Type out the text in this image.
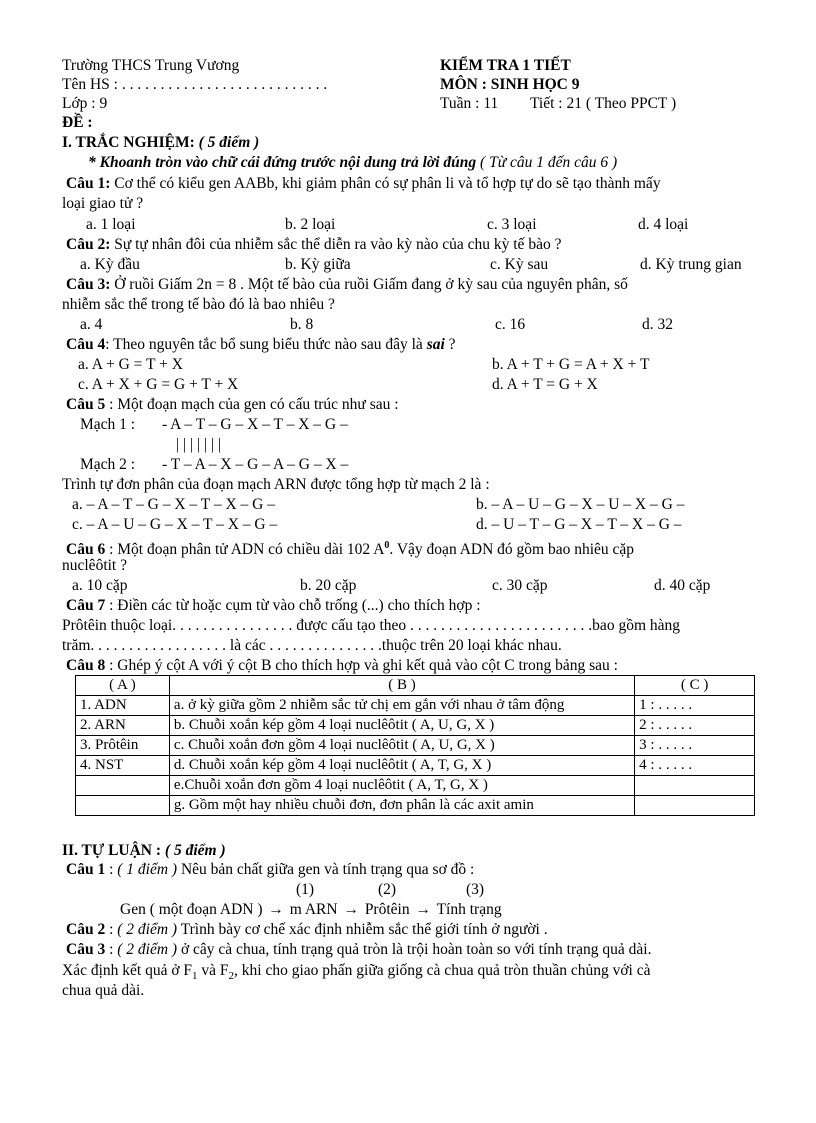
Trường THCS Trung Vương	KIỂM TRA 1 TIẾT
Tên HS : . . . . . . . . . . . . . . . . . . . . . . . . . . .	MÔN : SINH HỌC 9
Lớp : 9	Tuần : 11 Tiết : 21 ( Theo PPCT )
ĐỀ :
I. TRẮC NGHIỆM: ( 5 điểm )
* Khoanh tròn vào chữ cái đứng trước nội dung trả lời đúng ( Từ câu 1 đến câu 6 )
Câu 1: Cơ thể có kiểu gen AABb, khi giảm phân có sự phân li và tổ hợp tự do sẽ tạo thành mấy
loại giao tử ?
a. 1 loại	b. 2 loại	c. 3 loại	d. 4 loại
Câu 2: Sự tự nhân đôi của nhiễm sắc thể diễn ra vào kỳ nào của chu kỳ tế bào ?
a. Kỳ đầu	b. Kỳ giữa	c. Kỳ sau	d. Kỳ trung gian
Câu 3: Ở ruồi Giấm 2n = 8 . Một tế bào của ruồi Giấm đang ở kỳ sau của nguyên phân, số
nhiễm sắc thể trong tế bào đó là bao nhiêu ?
a. 4	b. 8	c. 16	d. 32
Câu 4: Theo nguyên tắc bổ sung biểu thức nào sau đây là sai ?
a. A + G = T + X	b. A + T + G = A + X + T
c. A + X + G = G + T + X	d. A + T = G + X
Câu 5 : Một đoạn mạch của gen có cấu trúc như sau :
Mạch 1 : - A – T – G – X – T – X – G –
| | | | | | |
Mạch 2 : - T – A – X – G – A – G – X –
Trình tự đơn phân của đoạn mạch ARN được tổng hợp từ mạch 2 là :
a. – A – T – G – X – T – X – G –	b. – A – U – G – X – U – X – G –
c. – A – U – G – X – T – X – G –	d. – U – T – G – X – T – X – G –
Câu 6 : Một đoạn phân tử ADN có chiều dài 102 $A^0$. Vậy đoạn ADN đó gồm bao nhiêu cặp
nuclêôtit ?
a. 10 cặp	b. 20 cặp	c. 30 cặp	d. 40 cặp
Câu 7 : Điền các từ hoặc cụm từ vào chỗ trống (...) cho thích hợp :
Prôtêin thuộc loại. . . . . . . . . . . . . . . . được cấu tạo theo . . . . . . . . . . . . . . . . . . . . . . . .bao gồm hàng
trăm. . . . . . . . . . . . . . . . . . là các . . . . . . . . . . . . . . .thuộc trên 20 loại khác nhau.
Câu 8 : Ghép ý cột A với ý cột B cho thích hợp và ghi kết quả vào cột C trong bảng sau :
( A )	( B )	( C )
1. ADN	a. ở kỳ giữa gồm 2 nhiễm sắc tử chị em gắn với nhau ở tâm động	1 : . . . . .
2. ARN	b. Chuỗi xoắn kép gồm 4 loại nuclêôtit ( A, U, G, X )	2 : . . . . .
3. Prôtêin	c. Chuỗi xoắn đơn gồm 4 loại nuclêôtit ( A, U, G, X )	3 : . . . . .
4. NST	d. Chuỗi xoắn kép gồm 4 loại nuclêôtit ( A, T, G, X )	4 : . . . . .
	e.Chuỗi xoắn đơn gồm 4 loại nuclêôtit ( A, T, G, X )	
	g. Gồm một hay nhiều chuỗi đơn, đơn phân là các axit amin	
II. TỰ LUẬN : ( 5 điểm )
Câu 1 : ( 1 điểm ) Nêu bản chất giữa gen và tính trạng qua sơ đồ :
(1)	(2)	(3)
Gen ( một đoạn ADN ) → m ARN → Prôtêin → Tính trạng
Câu 2 : ( 2 điểm ) Trình bày cơ chế xác định nhiễm sắc thể giới tính ở người .
Câu 3 : ( 2 điểm ) ở cây cà chua, tính trạng quả tròn là trội hoàn toàn so với tính trạng quả dài.
Xác định kết quả ở $F_1$ và $F_2$, khi cho giao phấn giữa giống cà chua quả tròn thuần chủng với cà
chua quả dài.
